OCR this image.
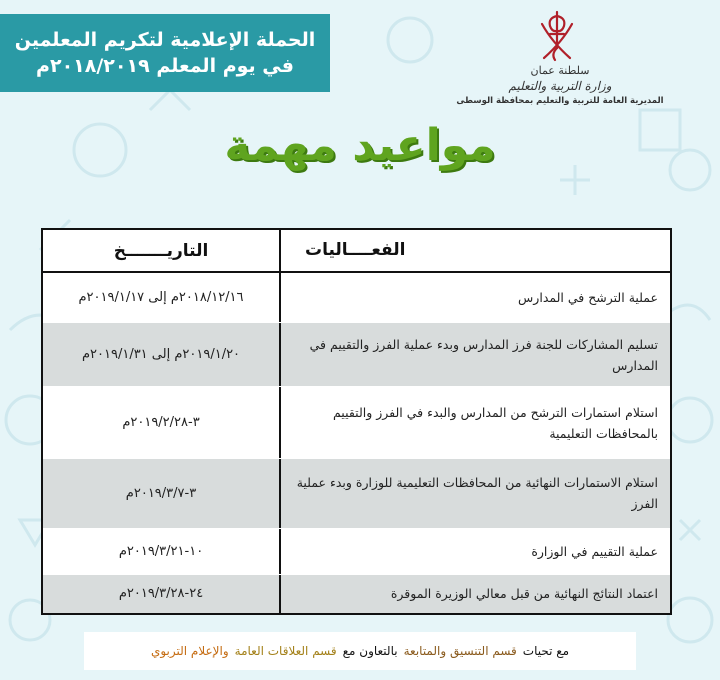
الحملة الإعلامية لتكريم المعلمين
في يوم المعلم ٢٠١٨/٢٠١٩م	سلطنة عمان
وزارة التربية والتعليم
المديرية العامة للتربية والتعليم بمحافظة الوسطى
مواعيد مهمة
الفعــــاليات
التاريـــــــخ
عملية الترشح في المدارس
٢٠١٨/١٢/١٦م إلى ٢٠١٩/١/١٧م
تسليم المشاركات للجنة فرز المدارس وبدء عملية الفرز والتقييم في المدارس
٢٠١٩/١/٢٠م إلى ٢٠١٩/١/٣١م
استلام استمارات الترشح من المدارس والبدء في الفرز والتقييم بالمحافظات التعليمية
٣-٢٠١٩/٢/٢٨م
استلام الاستمارات النهائية من المحافظات التعليمية للوزارة وبدء عملية الفرز
٣-٢٠١٩/٣/٧م
عملية التقييم في الوزارة
١٠-٢٠١٩/٣/٢١م
اعتماد النتائج النهائية من قبل معالي الوزيرة الموقرة
٢٤-٢٠١٩/٣/٢٨م
مع تحيات
قسم التنسيق والمتابعة
بالتعاون مع
قسم العلاقات العامة
والإعلام التربوي
